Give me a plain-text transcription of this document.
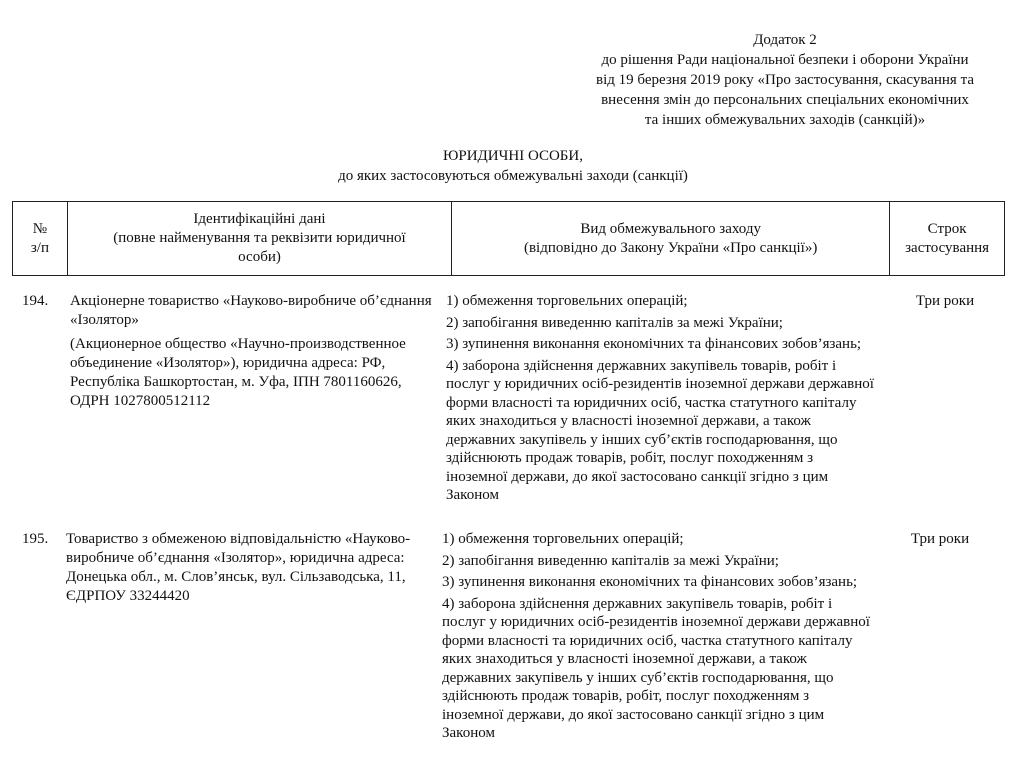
Додаток 2
до рішення Ради національної безпеки і оборони України
від 19 березня 2019 року «Про застосування, скасування та
внесення змін до персональних спеціальних економічних
та інших обмежувальних заходів (санкцій)»
ЮРИДИЧНІ ОСОБИ,
до яких застосовуються обмежувальні заходи (санкції)
№
з/п
Ідентифікаційні дані
(повне найменування та реквізити юридичної
особи)
Вид обмежувального заходу
(відповідно до Закону України «Про санкції»)
Строк
застосування
194.	Акціонерне товариство «Науково-виробниче об’єднання «Ізолятор»

(Акционерное общество «Научно-производственное объединение «Изолятор»), юридична адреса: РФ, Республіка Башкортостан, м. Уфа, ІПН 7801160626, ОДРН 1027800512112

1) обмеження торговельних операцій;

2) запобігання виведенню капіталів за межі України;

3) зупинення виконання економічних та фінансових зобов’язань;

4) заборона здійснення державних закупівель товарів, робіт і послуг у юридичних осіб-резидентів іноземної держави державної форми власності та юридичних осіб, частка статутного капіталу яких знаходиться у власності іноземної держави, а також державних закупівель у інших суб’єктів господарювання, що здійснюють продаж товарів, робіт, послуг походженням з іноземної держави, до якої застосовано санкції згідно з цим Законом

Три роки
195.	Товариство з обмеженою відповідальністю «Науково-виробниче об’єднання «Ізолятор», юридична адреса: Донецька обл., м. Слов’янськ, вул. Сільзаводська, 11, ЄДРПОУ 33244420

1) обмеження торговельних операцій;

2) запобігання виведенню капіталів за межі України;

3) зупинення виконання економічних та фінансових зобов’язань;

4) заборона здійснення державних закупівель товарів, робіт і послуг у юридичних осіб-резидентів іноземної держави державної форми власності та юридичних осіб, частка статутного капіталу яких знаходиться у власності іноземної держави, а також державних закупівель у інших суб’єктів господарювання, що здійснюють продаж товарів, робіт, послуг походженням з іноземної держави, до якої застосовано санкції згідно з цим Законом

Три роки
